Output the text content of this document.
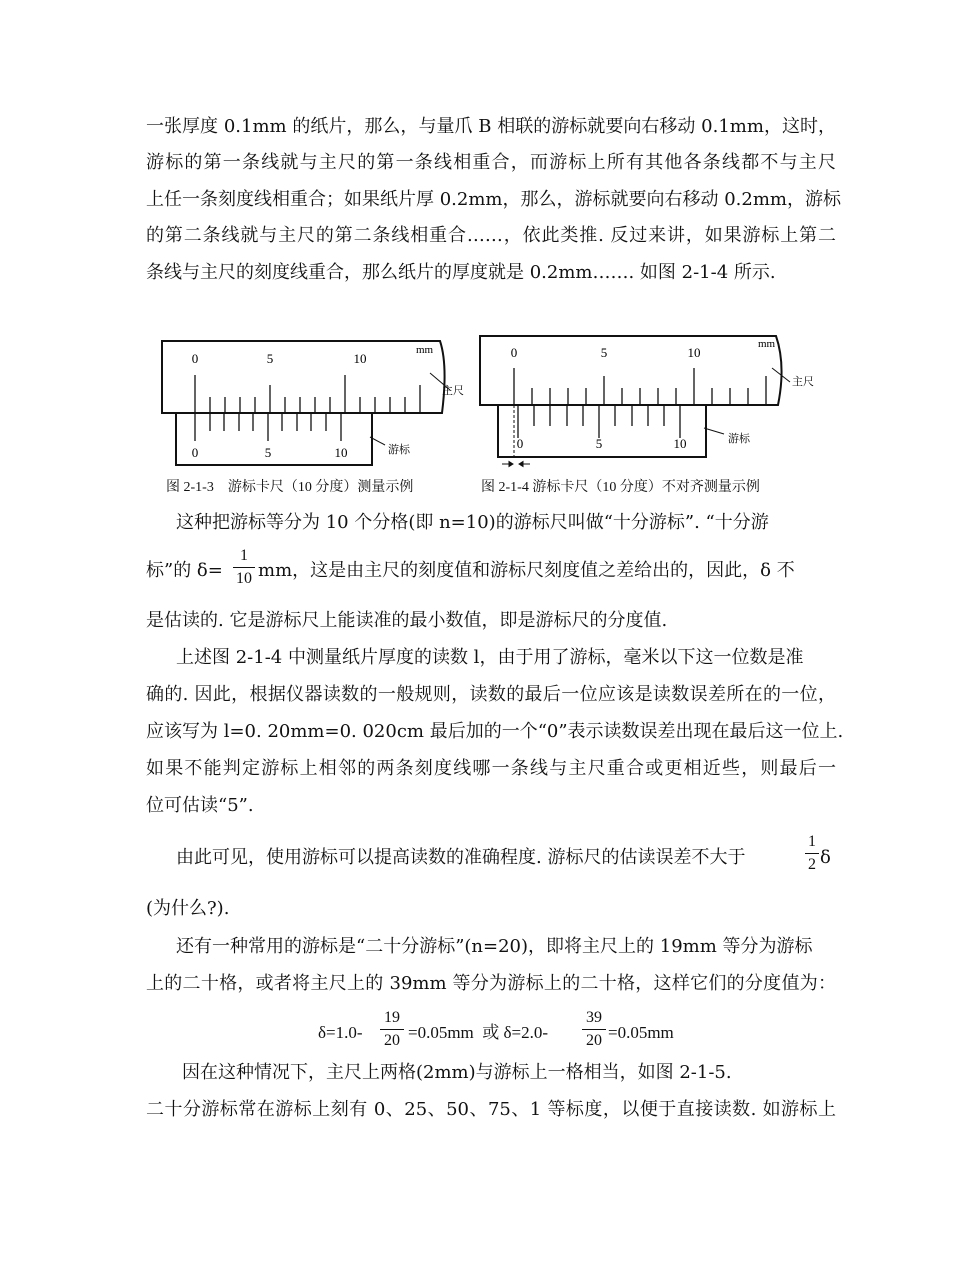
一张厚度 0.1mm 的纸片，那么，与量爪 B 相联的游标就要向右移动 0.1mm，这时，
游标的第一条线就与主尺的第一条线相重合，而游标上所有其他各条线都不与主尺
上任一条刻度线相重合；如果纸片厚 0.2mm，那么，游标就要向右移动 0.2mm，游标
的第二条线就与主尺的第二条线相重合……，依此类推. 反过来讲，如果游标上第二
条线与主尺的刻度线重合，那么纸片的厚度就是 0.2mm……. 如图 2-1-4 所示.
0	5	10
mm
主尺
0	5	10	游标
0	5	10
mm
主尺
0	5	10	游标
图 2-1-3　游标卡尺（10 分度）测量示例	图 2-1-4 游标卡尺（10 分度）不对齐测量示例
这种把游标等分为 10 个分格(即 n=10)的游标尺叫做“十分游标”. “十分游
标”的 δ=
1
10 mm，这是由主尺的刻度值和游标尺刻度值之差给出的，因此，δ 不
是估读的. 它是游标尺上能读准的最小数值，即是游标尺的分度值.
上述图 2-1-4 中测量纸片厚度的读数 l，由于用了游标，毫米以下这一位数是准
确的. 因此，根据仪器读数的一般规则，读数的最后一位应该是读数误差所在的一位，
应该写为 l=0. 20mm=0. 020cm 最后加的一个“0”表示读数误差出现在最后这一位上.
如果不能判定游标上相邻的两条刻度线哪一条线与主尺重合或更相近些，则最后一
位可估读“5”.
由此可见，使用游标可以提高读数的准确程度. 游标尺的估读误差不大于
1
2 δ
(为什么?).
还有一种常用的游标是“二十分游标”(n=20)，即将主尺上的 19mm 等分为游标
上的二十格，或者将主尺上的 39mm 等分为游标上的二十格，这样它们的分度值为：
δ=1.0-
19
20 =0.05mm  或 δ=2.0-
39
20 =0.05mm
因在这种情况下，主尺上两格(2mm)与游标上一格相当，如图 2-1-5.
二十分游标常在游标上刻有 0、25、50、75、1 等标度，以便于直接读数. 如游标上
